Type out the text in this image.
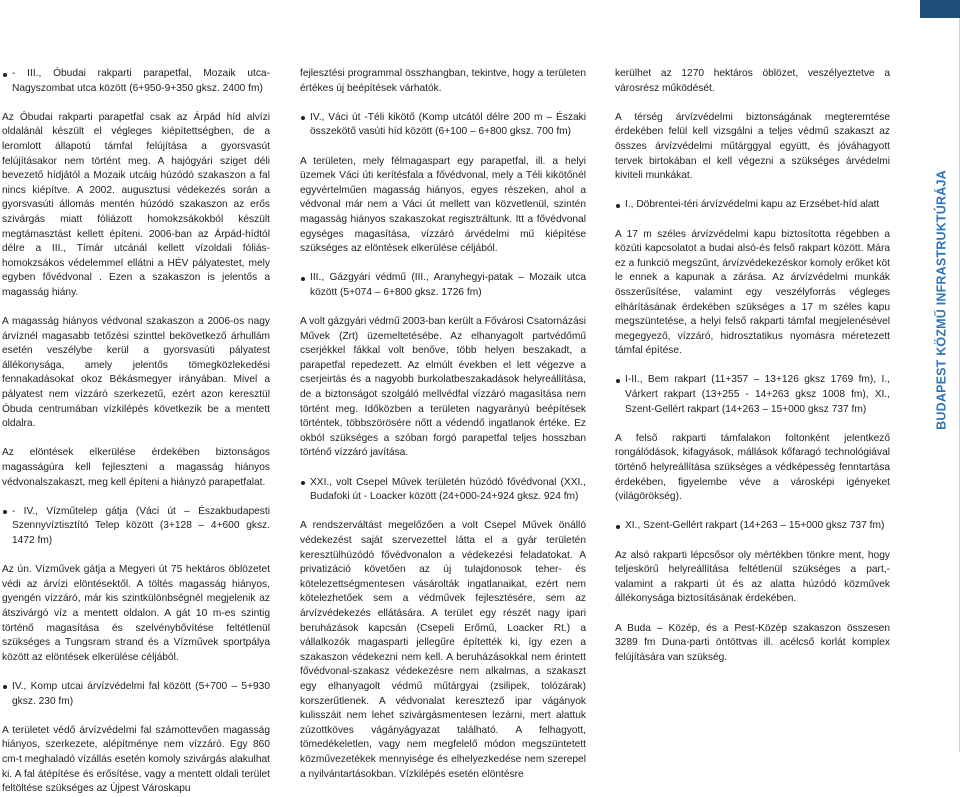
BUDAPEST KÖZMŰ INFRASTRUKTÚRÁJA
- III., Óbudai rakparti parapetfal, Mozaik utca-Nagyszombat utca között (6+950-9+350 gksz. 2400 fm)

Az Óbudai rakparti parapetfal csak az Árpád híd alvízi oldalánál készült el végleges kiépítettségben, de a leromlott állapotú támfal felújítása a gyorsvasút felújításakor nem történt meg. A hajógyári sziget déli bevezető hídjától a Mozaik utcáig húzódó szakaszon a fal nincs kiépítve. A 2002. augusztusi védekezés során a gyorsvasúti állomás mentén húzódó szakaszon az erős szivárgás miatt fóliázott homokzsákokból készült megtámasztást kellett építeni. 2006-ban az Árpád-hídtól délre a III., Tímár utcánál kellett vízoldali fóliás-homokzsákos védelemmel ellátni a HÉV pályatestet, mely egyben fővédvonal . Ezen a szakaszon is jelentős a magasság hiány.

A magasság hiányos védvonal szakaszon a 2006-os nagy árvíznél magasabb tetőzési szinttel bekövetkező árhullám esetén veszélybe kerül a gyorsvasúti pályatest állékonysága, amely jelentős tömegközlekedési fennakadásokat okoz Békásmegyer irányában. Mivel a pályatest nem vízzáró szerkezetű, ezért azon keresztül Óbuda centrumában vízkilépés következik be a mentett oldalra.

Az elöntések elkerülése érdekében biztonságos magasságúra kell fejleszteni a magasság hiányos védvonalszakaszt, meg kell építeni a hiányzó parapetfalat.

- IV., Vízműtelep gátja (Váci út – Északbudapesti Szennyvíztisztító Telep között (3+128 – 4+600 gksz. 1472 fm)

Az ún. Vízművek gátja a Megyeri út 75 hektáros öblözetet védi az árvízi elöntésektől. A töltés magasság hiányos, gyengén vízzáró, már kis szintkülönbségnél megjelenik az átszivárgó víz a mentett oldalon. A gát 10 m-es szintig történő magasítása és szelvénybővítése feltétlenül szükséges a Tungsram strand és a Vízművek sportpálya között az elöntések elkerülése céljából.

IV., Komp utcai árvízvédelmi fal között (5+700 – 5+930 gksz. 230 fm)

A területet védő árvízvédelmi fal számottevően magasság hiányos, szerkezete, alépítménye nem vízzáró. Egy 860 cm-t meghaladó vízállás esetén komoly szivárgás alakulhat ki. A fal átépítése és erősítése, vagy a mentett oldali terület feltöltése szükséges az Újpest Városkapu

fejlesztési programmal összhangban, tekintve, hogy a területen értékes új beépítések várhatók.

IV., Váci út -Téli kikötő (Komp utcától délre 200 m – Északi összekötő vasúti híd között (6+100 – 6+800 gksz. 700 fm)

A területen, mely félmagaspart egy parapetfal, ill. a helyi üzemek Váci úti kerítésfala a fővédvonal, mely a Téli kikötőnél egyvértelműen magasság hiányos, egyes részeken, ahol a védvonal már nem a Váci út mellett van közvetlenül, szintén magasság hiányos szakaszokat regisztráltunk. Itt a fővédvonal egységes magasítása, vízzáró árvédelmi mű kiépítése szükséges az elöntések elkerülése céljából.

III., Gázgyári védmű (III., Aranyhegyi-patak – Mozaik utca között (5+074 – 6+800 gksz. 1726 fm)

A volt gázgyári védmű 2003-ban került a Fővárosi Csatornázási Művek (Zrt) üzemeltetésébe. Az elhanyagolt partvédőmű cserjékkel fákkal volt benőve, több helyen beszakadt, a parapetfal repedezett. Az elmúlt években el lett végezve a cserjeirtás és a nagyobb burkolatbeszakadások helyreállítása, de a biztonságot szolgáló mellvédfal vízzáró magasítása nem történt meg. Időközben a területen nagyarányú beépítések történtek, többszörösére nőtt a védendő ingatlanok értéke. Ez okból szükséges a szóban forgó parapetfal teljes hosszban történő vízzáró javítása.

XXI., volt Csepel Művek területén húzódó fővédvonal (XXI., Budafoki út - Loacker között (24+000-24+924 gksz. 924 fm)

A rendszerváltást megelőzően a volt Csepel Művek önálló védekezést saját szervezettel látta el a gyár területén keresztülhúzódó fővédvonalon a védekezési feladatokat. A privatizáció követően az új tulajdonosok teher- és kötelezettségmentesen vásárolták ingatlanaikat, ezért nem kötelezhetőek sem a védművek fejlesztésére, sem az árvízvédekezés ellátására. A terület egy részét nagy ipari beruházások kapcsán (Csepeli Erőmű, Loacker Rt.) a vállalkozók magasparti jellegűre építették ki, így ezen a szakaszon védekezni nem kell. A beruházásokkal nem érintett fővédvonal-szakasz védekezésre nem alkalmas, a szakaszt egy elhanyagolt védmű műtárgyai (zsilipek, tolózárak) korszerűtlenek. A védvonalat keresztező ipar vágányok kulisszáit nem lehet szivárgásmentesen lezárni, mert alattuk zúzottköves vágányágyazat található. A felhagyott, tömedékeletlen, vagy nem megfelelő módon megszüntetett közművezetékek mennyisége és elhelyezkedése nem szerepel a nyilvántartásokban. Vízkilépés esetén elöntésre

kerülhet az 1270 hektáros öblözet, veszélyeztetve a városrész működését.

A térség árvízvédelmi biztonságának megteremtése érdekében felül kell vizsgálni a teljes védmű szakaszt az összes árvízvédelmi műtárggyal együtt, és jóváhagyott tervek birtokában el kell végezni a szükséges árvédelmi kiviteli munkákat.

I., Döbrentei-téri árvízvédelmi kapu az Erzsébet-híd alatt

A 17 m széles árvízvédelmi kapu biztosította régebben a közúti kapcsolatot a budai alsó-és felső rakpart között. Mára ez a funkció megszűnt, árvízvédekezéskor komoly erőket köt le ennek a kapunak a zárása. Az árvízvédelmi munkák összerűsítése, valamint egy veszélyforrás végleges elhárításának érdekében szükséges a 17 m széles kapu megszüntetése, a helyi felső rakparti támfal megjelenésével megegyező, vízzáró, hidrosztatikus nyomásra méretezett támfal építése.

I-II., Bem rakpart (11+357 – 13+126 gksz 1769 fm), I., Várkert rakpart (13+255 - 14+263 gksz 1008 fm), XI., Szent-Gellért rakpart (14+263 – 15+000 gksz 737 fm)

A felső rakparti támfalakon foltonként jelentkező rongálódások, kifagyások, mállások kőfaragó technológiával történő helyreállítása szükséges a védképesség fenntartása érdekében, figyelembe véve a városképi igényeket (világörökség).

XI., Szent-Gellért rakpart (14+263 – 15+000 gksz 737 fm)

Az alsó rakparti lépcsősor oly mértékben tönkre ment, hogy teljeskörű helyreállítása feltétlenül szükséges a part,- valamint a rakparti út és az alatta húzódó közművek állékonysága biztosításának érdekében.

A Buda – Közép, és a Pest-Közép szakaszon összesen 3289 fm Duna-parti öntöttvas ill. acélcső korlát komplex felújítására van szükség.
